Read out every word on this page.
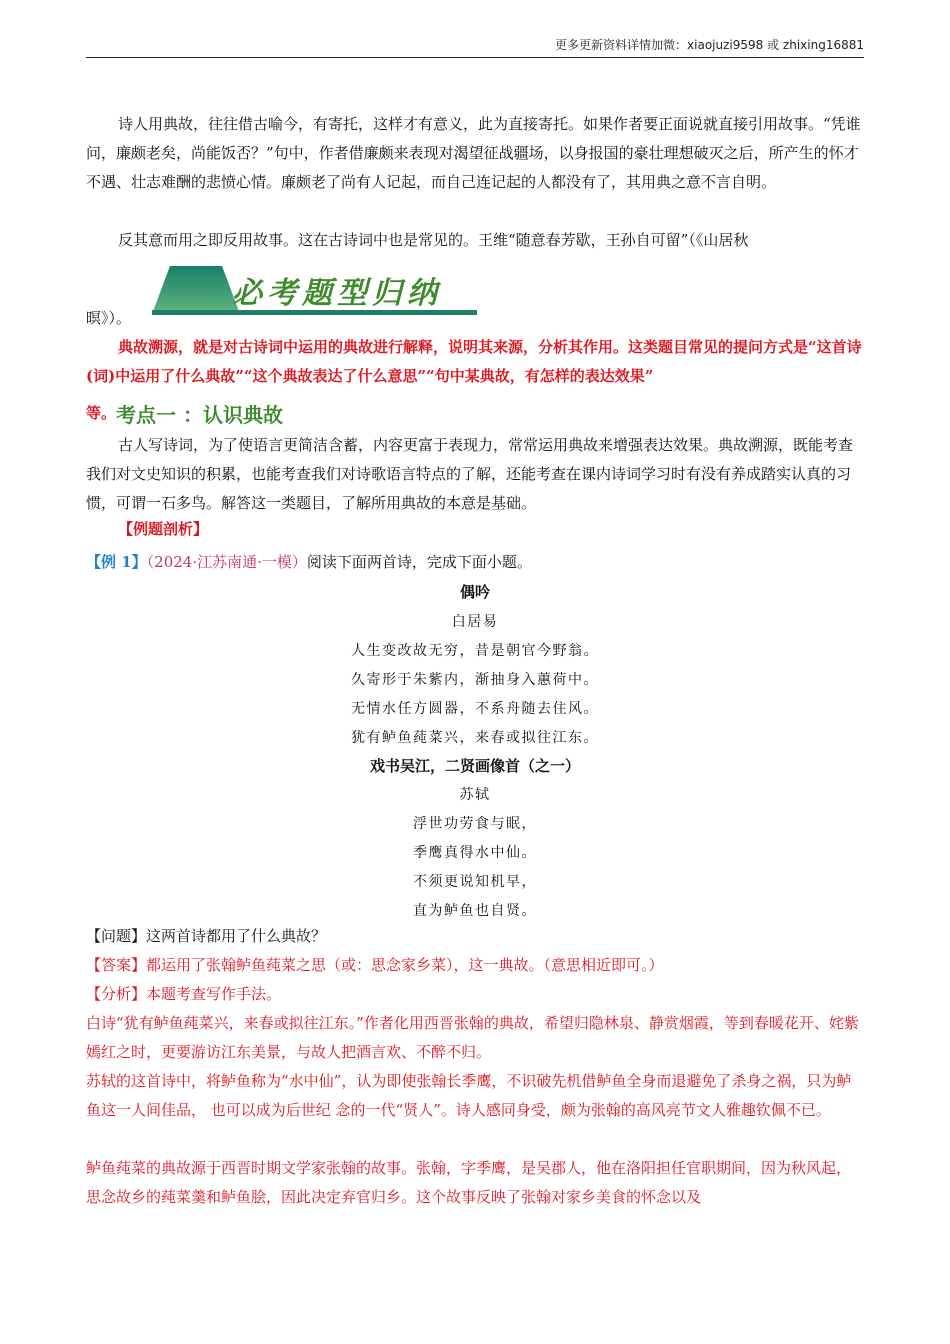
更多更新资料详情加微：xiaojuzi9598 或 zhixing16881

诗人用典故，往往借古喻今，有寄托，这样才有意义，此为直接寄托。如果作者要正面说就直接引用故事。“凭谁问，廉颇老矣，尚能饭否？”句中，作者借廉颇来表现对渴望征战疆场，以身报国的豪壮理想破灭之后，所产生的怀才不遇、壮志难酬的悲愤心情。廉颇老了尚有人记起，而自己连记起的人都没有了，其用典之意不言自明。

反其意而用之即反用故事。这在古诗词中也是常见的。王维“随意春芳歇，王孙自可留”（《山居秋

暝》）。

必考题型归纳

典故溯源，就是对古诗词中运用的典故进行解释，说明其来源，分析其作用。这类题目常见的提问方式是“这首诗(词)中运用了什么典故”“这个典故表达了什么意思”“句中某典故，有怎样的表达效果”

等。 考点一 ：认识典故

古人写诗词，为了使语言更简洁含蓄，内容更富于表现力，常常运用典故来增强表达效果。典故溯源，既能考查我们对文史知识的积累，也能考查我们对诗歌语言特点的了解，还能考查在课内诗词学习时有没有养成踏实认真的习惯，可谓一石多鸟。解答这一类题目，了解所用典故的本意是基础。

【例题剖析】
【例 1】（2024·江苏南通·一模）阅读下面两首诗，完成下面小题。
偶吟
白居易
人生变改故无穷，昔是朝官今野翁。
久寄形于朱紫内，渐抽身入蕙荷中。
无情水任方圆器，不系舟随去住风。
犹有鲈鱼莼菜兴，来春或拟往江东。
戏书吴江，二贤画像首（之一）
苏轼
浮世功劳食与眠，
季鹰真得水中仙。
不须更说知机早，
直为鲈鱼也自贤。
【问题】这两首诗都用了什么典故？
【答案】都运用了张翰鲈鱼莼菜之思（或：思念家乡菜），这一典故。（意思相近即可。）
【分析】本题考查写作手法。

白诗“犹有鲈鱼莼菜兴，来春或拟往江东。”作者化用西晋张翰的典故，希望归隐林泉、静赏烟霞，等到春暖花开、姹紫嫣红之时，更要游访江东美景，与故人把酒言欢、不醉不归。

苏轼的这首诗中，将鲈鱼称为“水中仙”，认为即使张翰长季鹰，不识破先机借鲈鱼全身而退避免了杀身之祸，只为鲈鱼这一人间佳品， 也可以成为后世纪 念的一代“贤人”。诗人感同身受，颇为张翰的高风亮节文人雅趣钦佩不已。

鲈鱼莼菜的典故源于西晋时期文学家张翰的故事。张翰，字季鹰，是吴郡人，他在洛阳担任官职期间，因为秋风起，思念故乡的莼菜羹和鲈鱼脍，因此决定弃官归乡。这个故事反映了张翰对家乡美食的怀念以及
